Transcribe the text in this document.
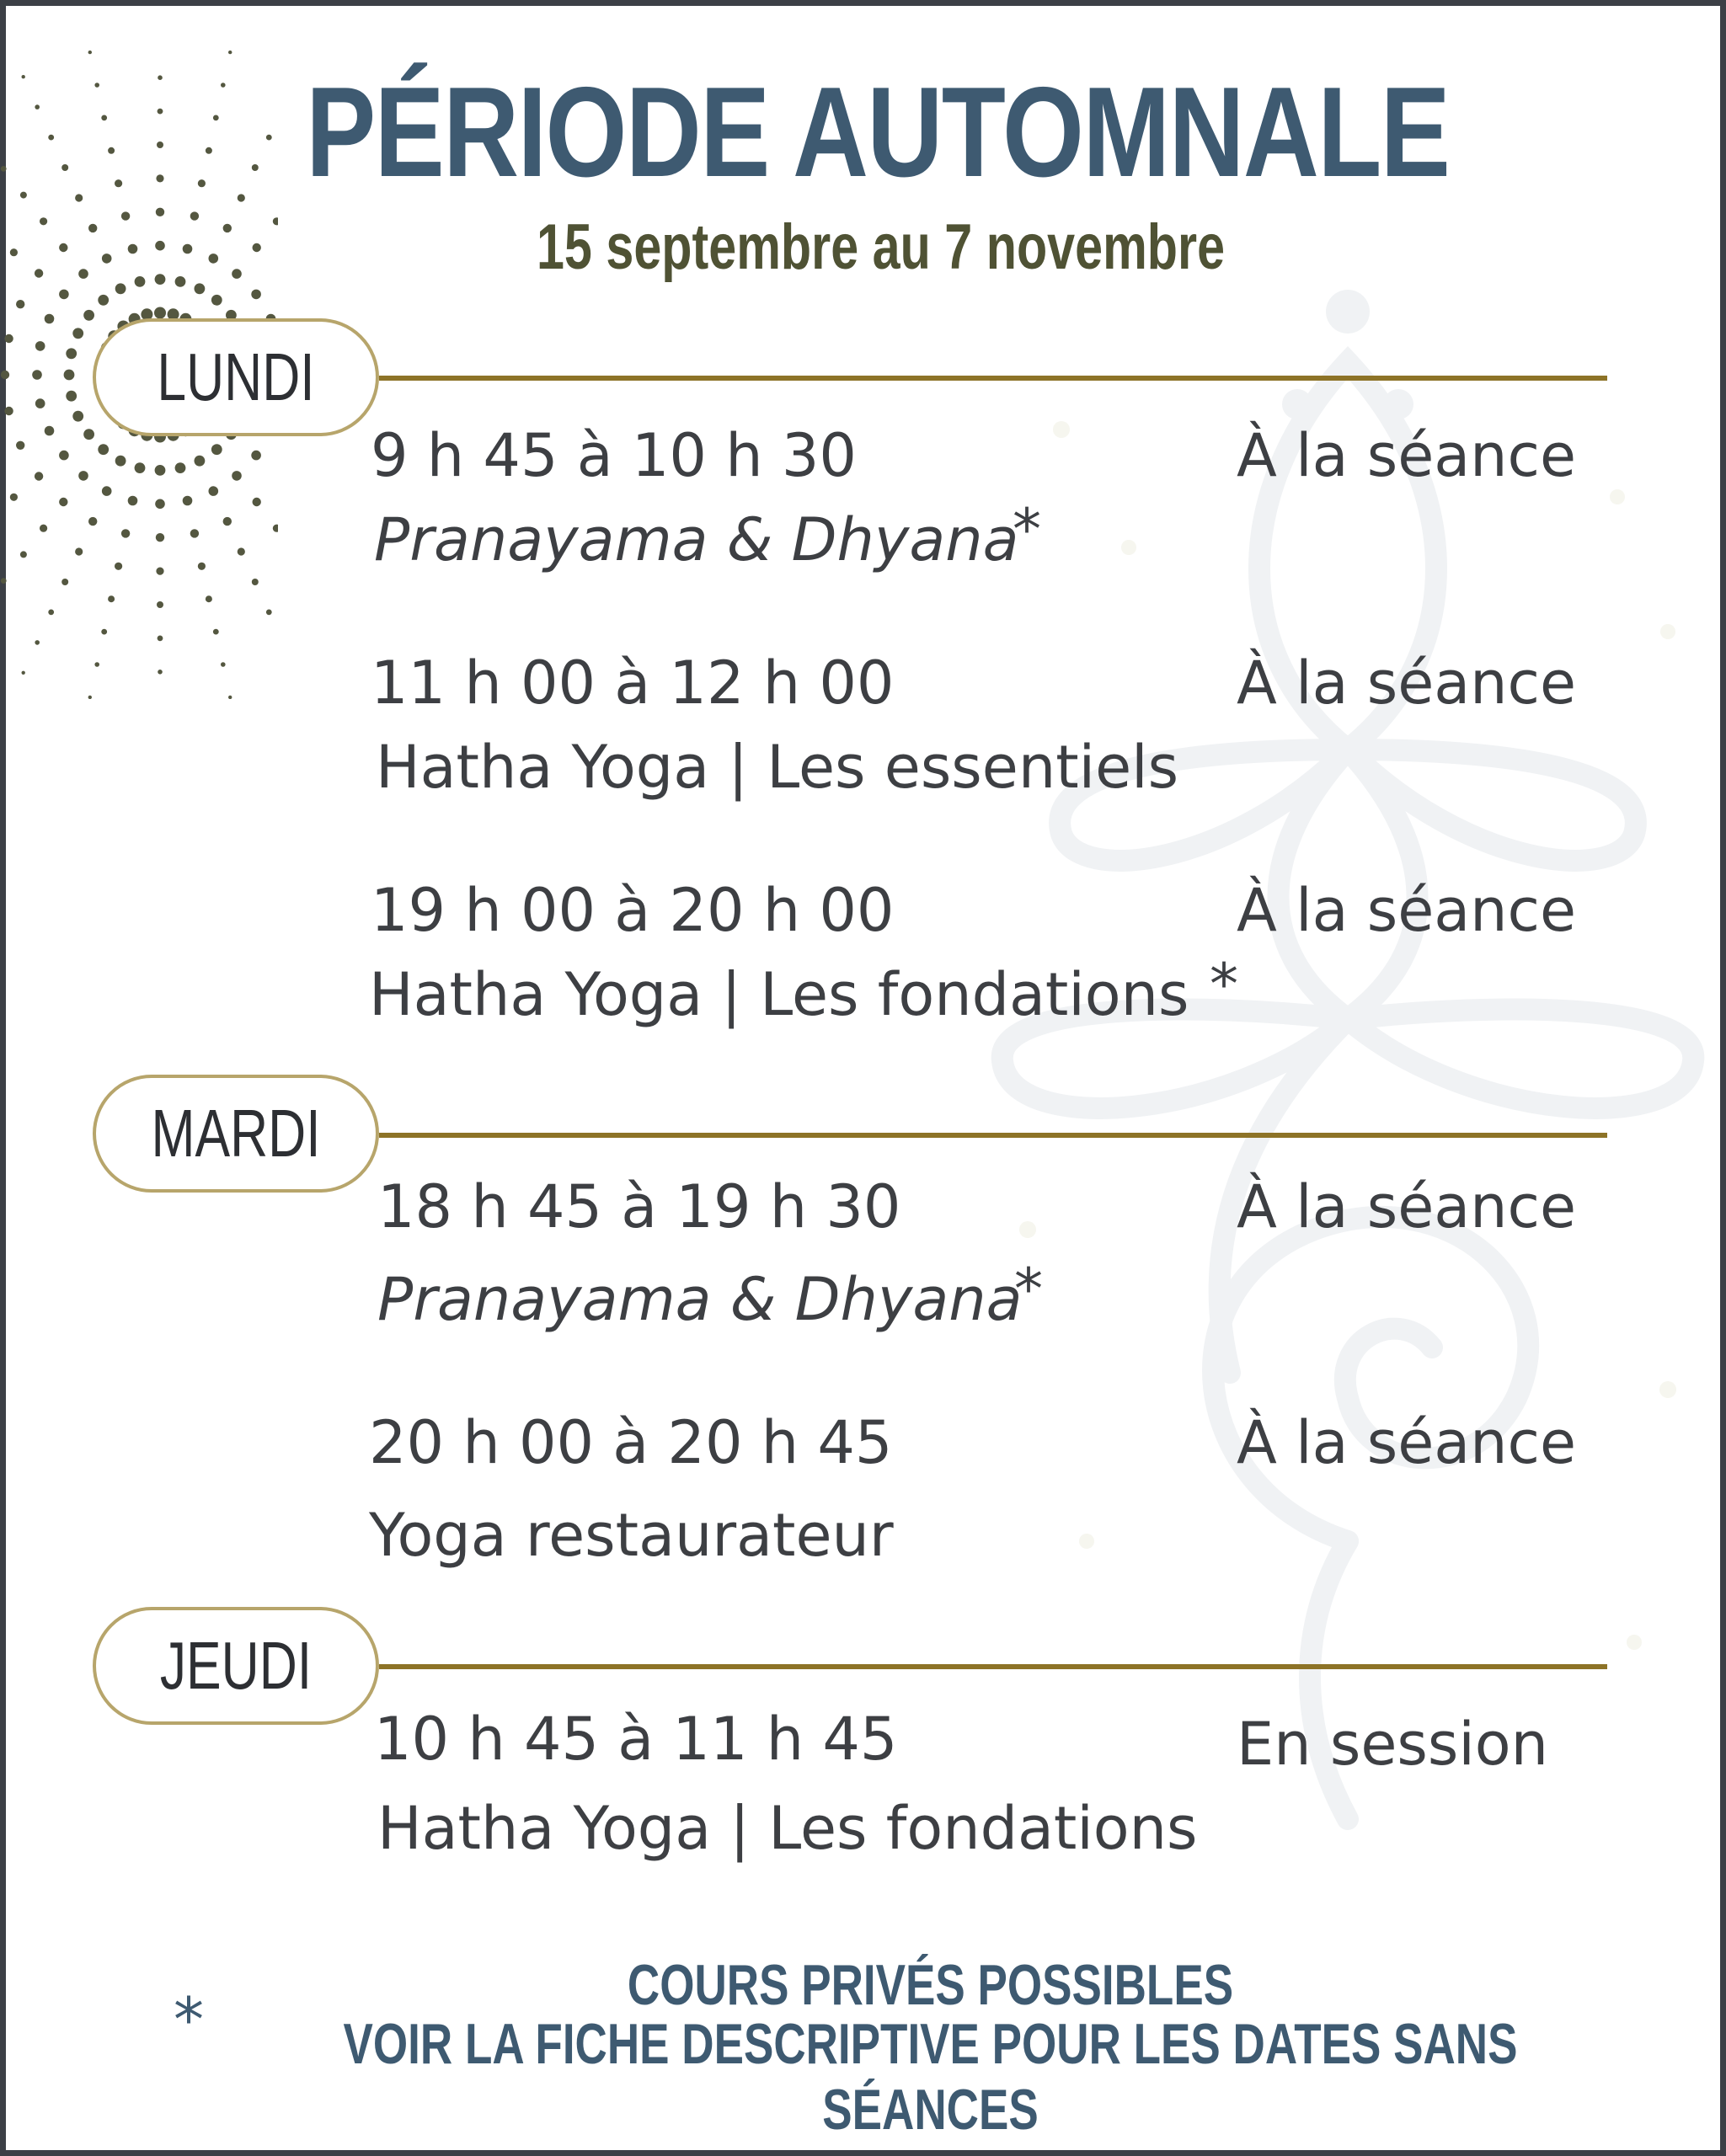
PÉRIODE AUTOMNALE
15 septembre au 7 novembre
LUNDI
9 h 45 à 10 h 30	À la séance
Pranayama & Dhyana
*
11 h 00 à 12 h 00	À la séance
Hatha Yoga | Les essentiels
19 h 00 à 20 h 00	À la séance
Hatha Yoga | Les fondations *
MARDI
18 h 45 à 19 h 30	À la séance
Pranayama & Dhyana
*
20 h 00 à 20 h 45	À la séance
Yoga restaurateur
JEUDI
10 h 45 à 11 h 45	En session
Hatha Yoga | Les fondations
COURS PRIVÉS POSSIBLES
*	VOIR LA FICHE DESCRIPTIVE POUR LES DATES SANS SÉANCES
